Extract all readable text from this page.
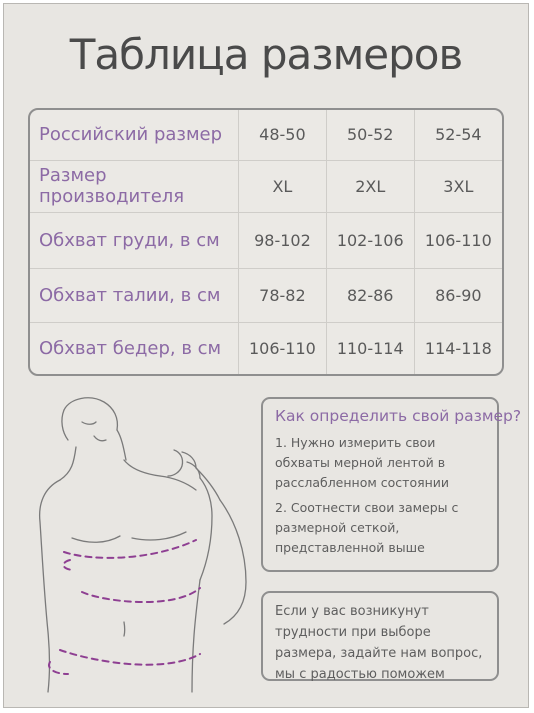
Таблица размеров
Российский размер	48-50	50-52	52-54
Размер производителя	XL	2XL	3XL
Обхват груди, в см	98-102	102-106	106-110
Обхват талии, в см	78-82	82-86	86-90
Обхват бедер, в см	106-110	110-114	114-118

Как определить свой размер?

1. Нужно измерить свои обхваты мерной лентой в расслабленном состоянии

2. Соотнести свои замеры с размерной сеткой, представленной выше

Если у вас возникунут трудности при выборе размера, задайте нам вопрос, мы с радостью поможем
